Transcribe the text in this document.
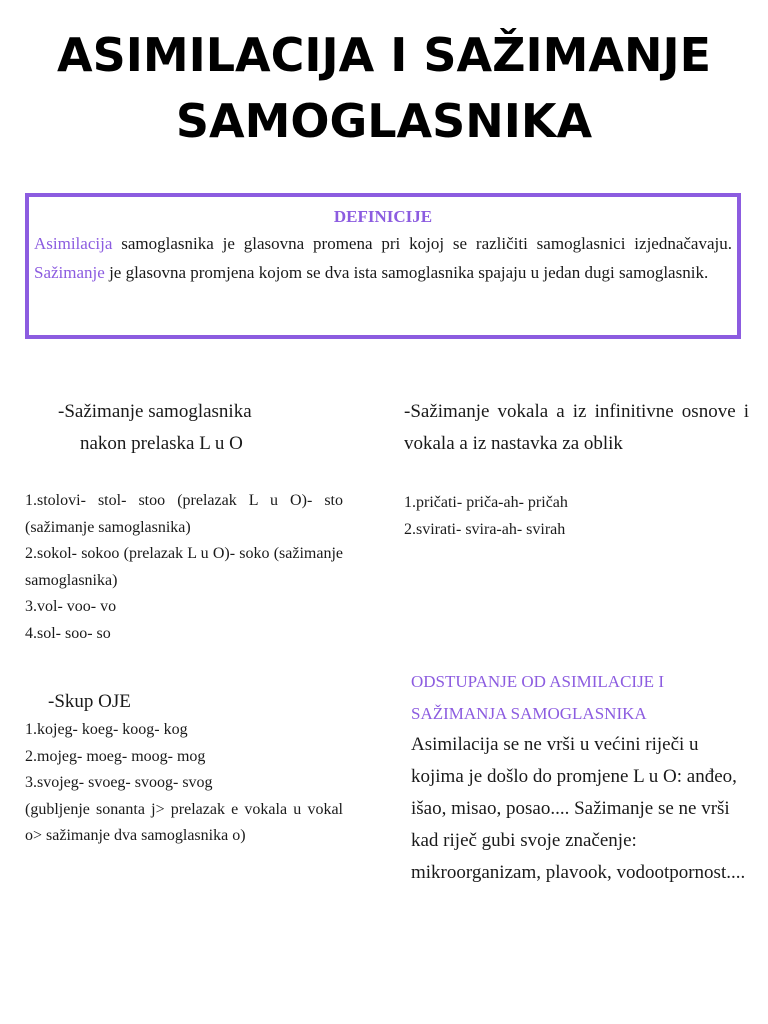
ASIMILACIJA I SAŽIMANJE
SAMOGLASNIKA
DEFINICIJE

Asimilacija samoglasnika je glasovna promena pri kojoj se različiti samoglasnici izjednačavaju. Sažimanje je glasovna promjena kojom se dva ista samoglasnika spajaju u jedan dugi samoglasnik.

-Sažimanje samoglasnika
nakon prelaska L u O
1.stolovi- stol- stoo (prelazak L u O)- sto (sažimanje samoglasnika)
2.sokol- sokoo (prelazak L u O)- soko (sažimanje samoglasnika)
3.vol- voo- vo
4.sol- soo- so
-Sažimanje vokala a iz infinitivne osnove i vokala a iz nastavka za oblik
1.pričati- priča-ah- pričah
2.svirati- svira-ah- svirah
-Skup OJE
1.kojeg- koeg- koog- kog
2.mojeg- moeg- moog- mog
3.svojeg- svoeg- svoog- svog
(gubljenje sonanta j> prelazak e vokala u vokal o> sažimanje dva samoglasnika o)
ODSTUPANJE OD ASIMILACIJE I SAŽIMANJA SAMOGLASNIKA
Asimilacija se ne vrši u većini riječi u kojima je došlo do promjene L u O: anđeo, išao, misao, posao.... Sažimanje se ne vrši kad riječ gubi svoje značenje: mikroorganizam, plavook, vodootpornost....
